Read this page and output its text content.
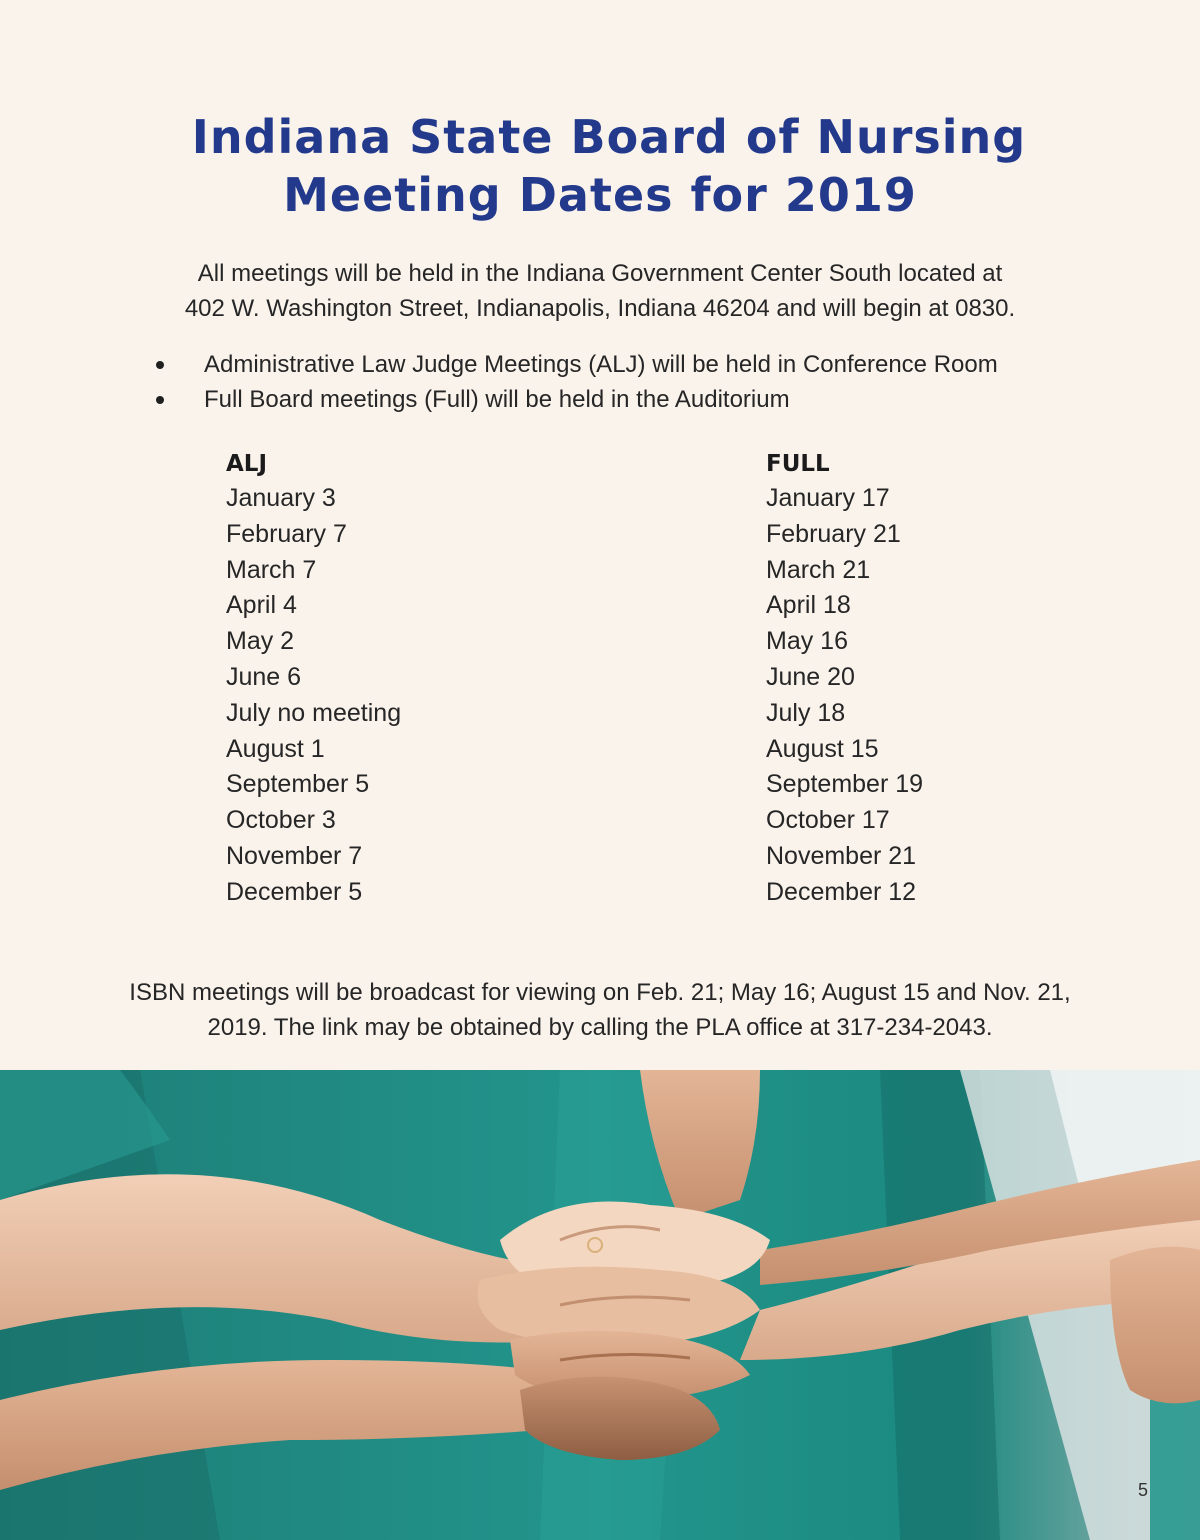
Indiana State Board of Nursing
Meeting Dates for 2019
All meetings will be held in the Indiana Government Center South located at
402 W. Washington Street, Indianapolis, Indiana 46204 and will begin at 0830.
Administrative Law Judge Meetings (ALJ) will be held in Conference Room
Full Board meetings (Full) will be held in the Auditorium
ALJ
January 3
February 7
March 7
April 4
May 2
June 6
July no meeting
August 1
September 5
October 3
November 7
December 5
FULL
January 17
February 21
March 21
April 18
May 16
June 20
July 18
August 15
September 19
October 17
November 21
December 12
ISBN meetings will be broadcast for viewing on Feb. 21; May 16; August 15 and Nov. 21,
2019. The link may be obtained by calling the PLA office at 317-234-2043.
5
